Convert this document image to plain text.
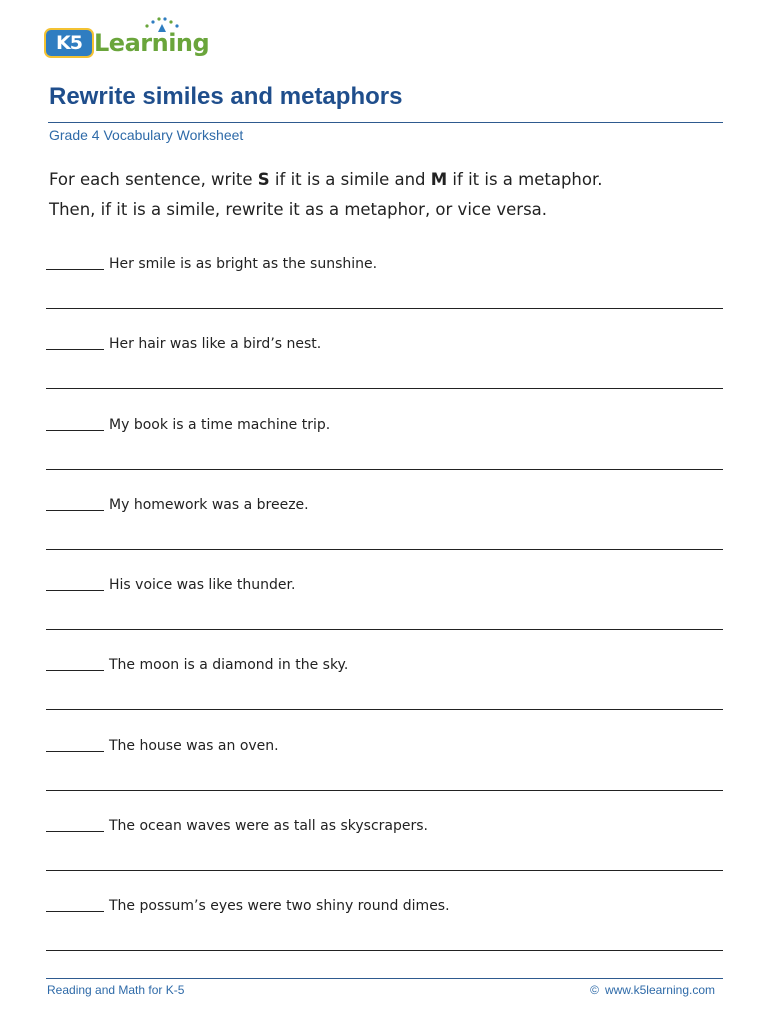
K5 Learning
Rewrite similes and metaphors
Grade 4 Vocabulary Worksheet

For each sentence, write S if it is a simile and M if it is a metaphor.

Then, if it is a simile, rewrite it as a metaphor, or vice versa.

Her smile is as bright as the sunshine.
Her hair was like a bird’s nest.
My book is a time machine trip.
My homework was a breeze.
His voice was like thunder.
The moon is a diamond in the sky.
The house was an oven.
The ocean waves were as tall as skyscrapers.
The possum’s eyes were two shiny round dimes.
Reading and Math for K-5	© www.k5learning.com
